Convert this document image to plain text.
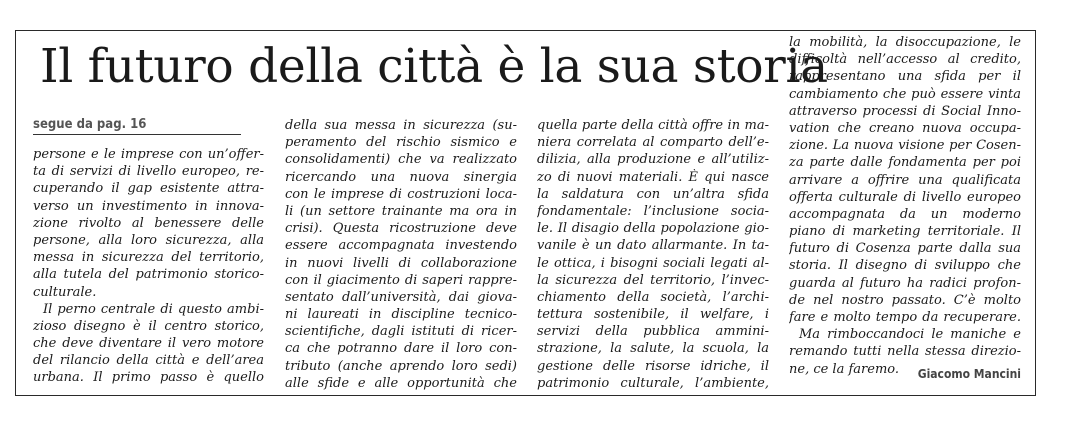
Il futuro della città è la sua storia
segue da pag. 16
persone e le imprese con un’offer-
ta di servizi di livello europeo, re-
cuperando il gap esistente attra-
verso un investimento in innova-
zione rivolto al benessere delle
persone, alla loro sicurezza, alla
messa in sicurezza del territorio,
alla tutela del patrimonio storico-
culturale.
Il perno centrale di questo ambi-
zioso disegno è il centro storico,
che deve diventare il vero motore
del rilancio della città e dell’area
urbana. Il primo passo è quello
della sua messa in sicurezza (su-
peramento del rischio sismico e
consolidamenti) che va realizzato
ricercando una nuova sinergia
con le imprese di costruzioni loca-
li (un settore trainante ma ora in
crisi). Questa ricostruzione deve
essere accompagnata investendo
in nuovi livelli di collaborazione
con il giacimento di saperi rappre-
sentato dall’università, dai giova-
ni laureati in discipline tecnico-
scientifiche, dagli istituti di ricer-
ca che potranno dare il loro con-
tributo (anche aprendo loro sedi)
alle sfide e alle opportunità che
quella parte della città offre in ma-
niera correlata al comparto dell’e-
dilizia, alla produzione e all’utiliz-
zo di nuovi materiali. È qui nasce
la saldatura con un’altra sfida
fondamentale: l’inclusione socia-
le. Il disagio della popolazione gio-
vanile è un dato allarmante. In ta-
le ottica, i bisogni sociali legati al-
la sicurezza del territorio, l’invec-
chiamento della società, l’archi-
tettura sostenibile, il welfare, i
servizi della pubblica ammini-
strazione, la salute, la scuola, la
gestione delle risorse idriche, il
patrimonio culturale, l’ambiente,
la mobilità, la disoccupazione, le
difficoltà nell’accesso al credito,
rappresentano una sfida per il
cambiamento che può essere vinta
attraverso processi di Social Inno-
vation che creano nuova occupa-
zione. La nuova visione per Cosen-
za parte dalle fondamenta per poi
arrivare a offrire una qualificata
offerta culturale di livello europeo
accompagnata da un moderno
piano di marketing territoriale. Il
futuro di Cosenza parte dalla sua
storia. Il disegno di sviluppo che
guarda al futuro ha radici profon-
de nel nostro passato. C’è molto
fare e molto tempo da recuperare.
Ma rimboccandoci le maniche e
remando tutti nella stessa direzio-
ne, ce la faremo.	Giacomo Mancini
